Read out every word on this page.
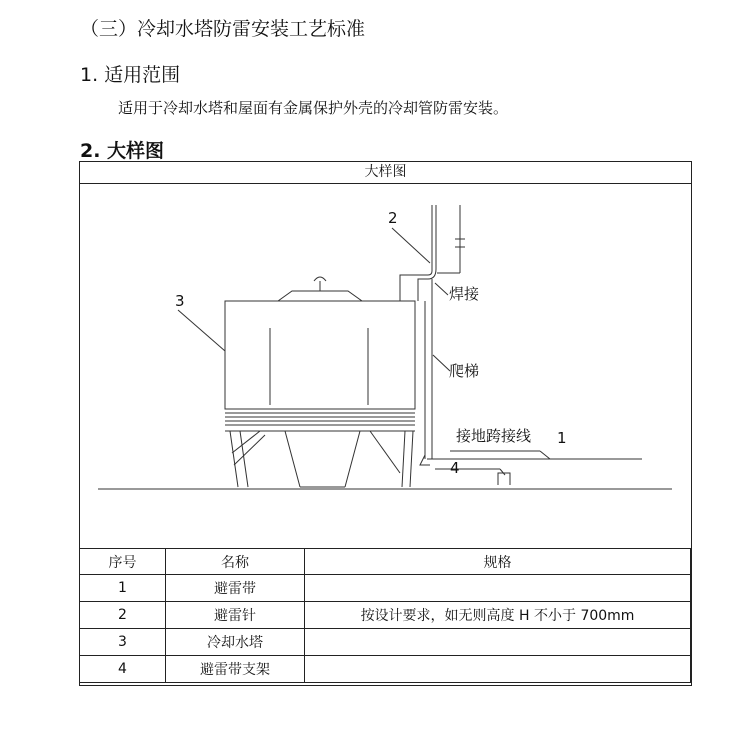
（三）冷却水塔防雷安装工艺标准
1. 适用范围
适用于冷却水塔和屋面有金属保护外壳的冷却管防雷安装。
2. 大样图
大样图
3
2
焊接
爬梯
接地跨接线 1
4
序号	名称	规格
1	避雷带	
2	避雷针	按设计要求，如无则高度 H 不小于 700mm
3	冷却水塔	
4	避雷带支架	
